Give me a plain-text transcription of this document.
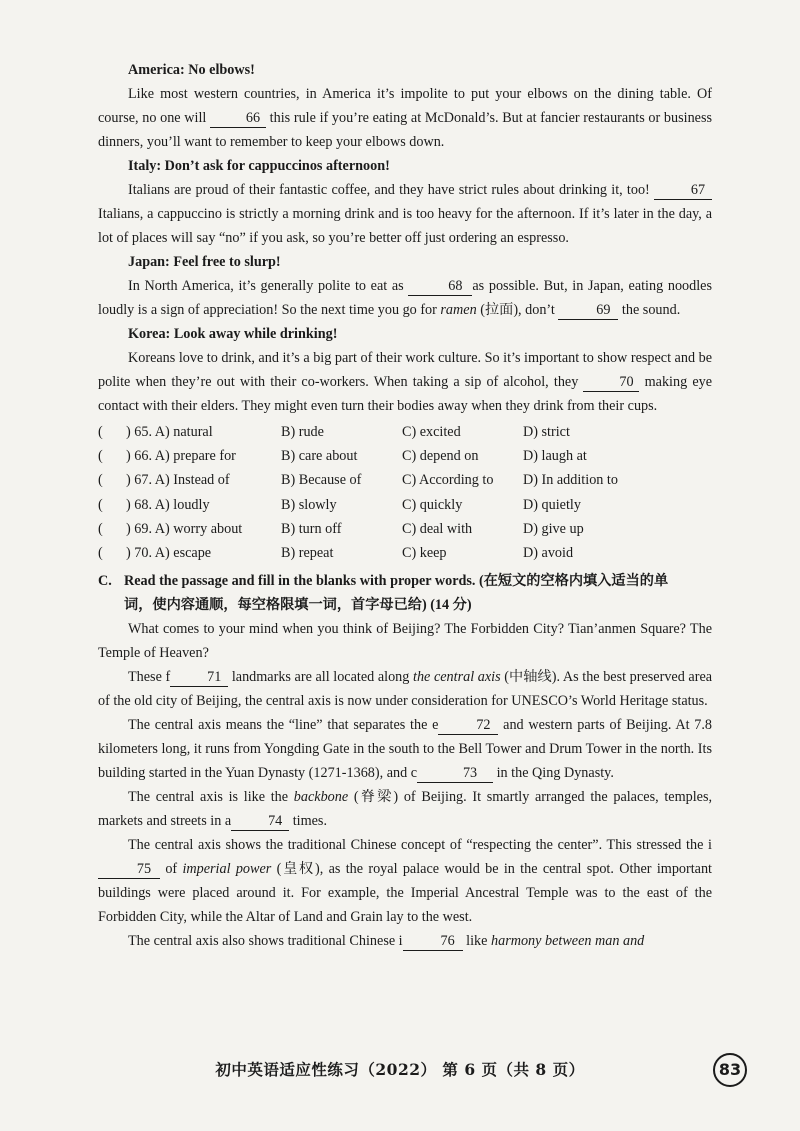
America: No elbows!

Like most western countries, in America it’s impolite to put your elbows on the dining table. Of course, no one will	66 this rule if you’re eating at McDonald’s. But at fancier restaurants or business dinners, you’ll want to remember to keep your elbows down.

Italy: Don’t ask for cappuccinos afternoon!

Italians are proud of their fantastic coffee, and they have strict rules about drinking it, too!	67 Italians, a cappuccino is strictly a morning drink and is too heavy for the afternoon. If it’s later in the day, a lot of places will say “no” if you ask, so you’re better off just ordering an espresso.

Japan: Feel free to slurp!

In North America, it’s generally polite to eat as	68 as possible. But, in Japan, eating noodles loudly is a sign of appreciation! So the next time you go for ramen (拉面), don’t	69 the sound.

Korea: Look away while drinking!

Koreans love to drink, and it’s a big part of their work culture. So it’s important to show respect and be polite when they’re out with their co-workers. When taking a sip of alcohol, they	70 making eye contact with their elders. They might even turn their bodies away when they drink from their cups.

(	) 65. A) natural	B) rude	C) excited	D) strict
(	) 66. A) prepare for	B) care about	C) depend on	D) laugh at
(	) 67. A) Instead of	B) Because of	C) According to	D) In addition to
(	) 68. A) loudly	B) slowly	C) quickly	D) quietly
(	) 69. A) worry about	B) turn off	C) deal with	D) give up
(	) 70. A) escape	B) repeat	C) keep	D) avoid
C. Read the passage and fill in the blanks with proper words. (在短文的空格内填入适当的单
词，使内容通顺，每空格限填一词，首字母已给) (14 分)

What comes to your mind when you think of Beijing? The Forbidden City? Tian’anmen Square? The Temple of Heaven?

These f	71 landmarks are all located along the central axis (中轴线). As the best preserved area of the old city of Beijing, the central axis is now under consideration for UNESCO’s World Heritage status.

The central axis means the “line” that separates the e	72 and western parts of Beijing. At 7.8 kilometers long, it runs from Yongding Gate in the south to the Bell Tower and Drum Tower in the north. Its building started in the Yuan Dynasty (1271-1368), and c	73 in the Qing Dynasty.

The central axis is like the backbone (脊梁) of Beijing. It smartly arranged the palaces, temples, markets and streets in a	74 times.

The central axis shows the traditional Chinese concept of “respecting the center”. This stressed the i75 of imperial power (皇权), as the royal palace would be in the central spot. Other important buildings were placed around it. For example, the Imperial Ancestral Temple was to the east of the Forbidden City, while the Altar of Land and Grain lay to the west.

The central axis also shows traditional Chinese i	76 like harmony between man and

初中英语适应性练习（2022） 第 6 页（共 8 页）	83
